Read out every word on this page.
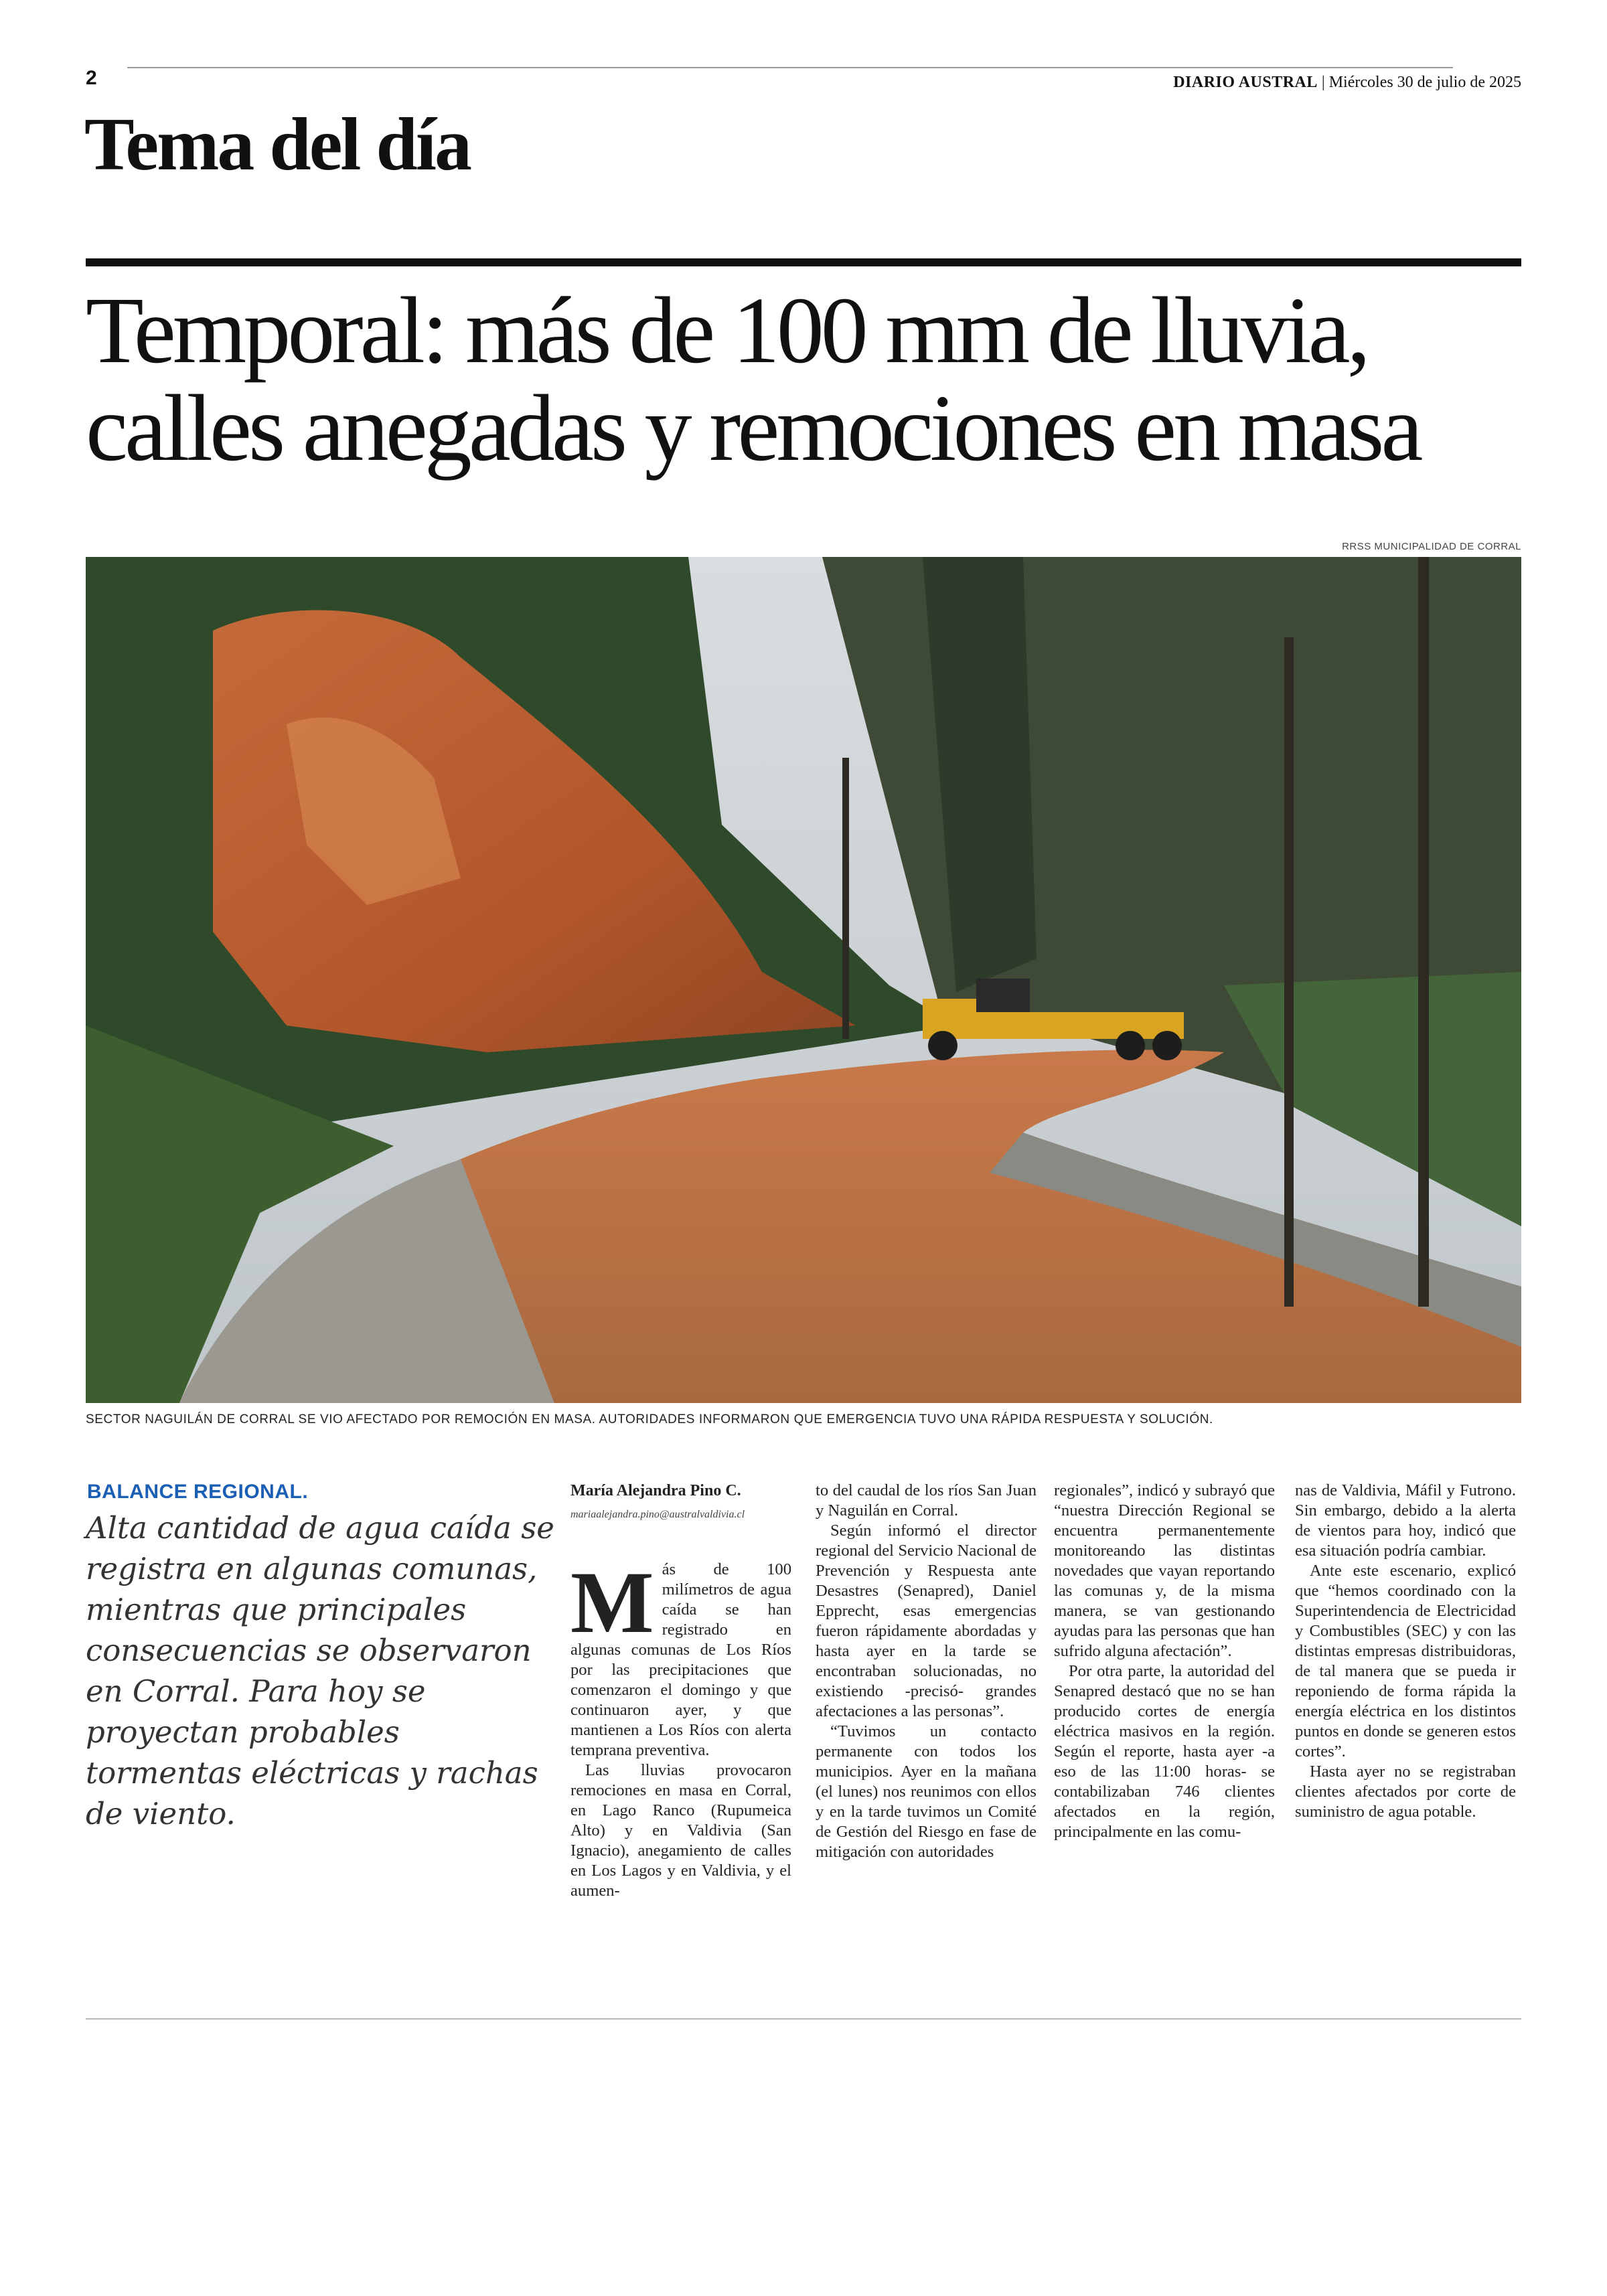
2	DIARIO AUSTRAL | Miércoles 30 de julio de 2025
Tema del día
Temporal: más de 100 mm de lluvia,
calles anegadas y remociones en masa
RRSS MUNICIPALIDAD DE CORRAL
SECTOR NAGUILÁN DE CORRAL SE VIO AFECTADO POR REMOCIÓN EN MASA. AUTORIDADES INFORMARON QUE EMERGENCIA TUVO UNA RÁPIDA RESPUESTA Y SOLUCIÓN.
BALANCE REGIONAL.
Alta cantidad de agua caída se registra en algunas comunas, mientras que principales consecuencias se observaron en Corral. Para hoy se proyectan probables tormentas eléctricas y rachas de viento.
María Alejandra Pino C.
mariaalejandra.pino@australvaldivia.cl

Más de 100 milímetros de agua caída se han registrado en algunas comunas de Los Ríos por las precipitaciones que comenzaron el domingo y que continuaron ayer, y que mantienen a Los Ríos con alerta temprana preventiva.

Las lluvias provocaron remociones en masa en Corral, en Lago Ranco (Rupumeica Alto) y en Valdivia (San Ignacio), anegamiento de calles en Los Lagos y en Valdivia, y el aumen-

to del caudal de los ríos San Juan y Naguilán en Corral.

Según informó el director regional del Servicio Nacional de Prevención y Respuesta ante Desastres (Senapred), Daniel Epprecht, esas emergencias fueron rápidamente abordadas y hasta ayer en la tarde se encontraban solucionadas, no existiendo -precisó- grandes afectaciones a las personas”.

“Tuvimos un contacto permanente con todos los municipios. Ayer en la mañana (el lunes) nos reunimos con ellos y en la tarde tuvimos un Comité de Gestión del Riesgo en fase de mitigación con autoridades

regionales”, indicó y subrayó que “nuestra Dirección Regional se encuentra permanentemente monitoreando las distintas novedades que vayan reportando las comunas y, de la misma manera, se van gestionando ayudas para las personas que han sufrido alguna afectación”.

Por otra parte, la autoridad del Senapred destacó que no se han producido cortes de energía eléctrica masivos en la región. Según el reporte, hasta ayer -a eso de las 11:00 horas- se contabilizaban 746 clientes afectados en la región, principalmente en las comu-

nas de Valdivia, Máfil y Futrono. Sin embargo, debido a la alerta de vientos para hoy, indicó que esa situación podría cambiar.

Ante este escenario, explicó que “hemos coordinado con la Superintendencia de Electricidad y Combustibles (SEC) y con las distintas empresas distribuidoras, de tal manera que se pueda ir reponiendo de forma rápida la energía eléctrica en los distintos puntos en donde se generen estos cortes”.

Hasta ayer no se registraban clientes afectados por corte de suministro de agua potable.
